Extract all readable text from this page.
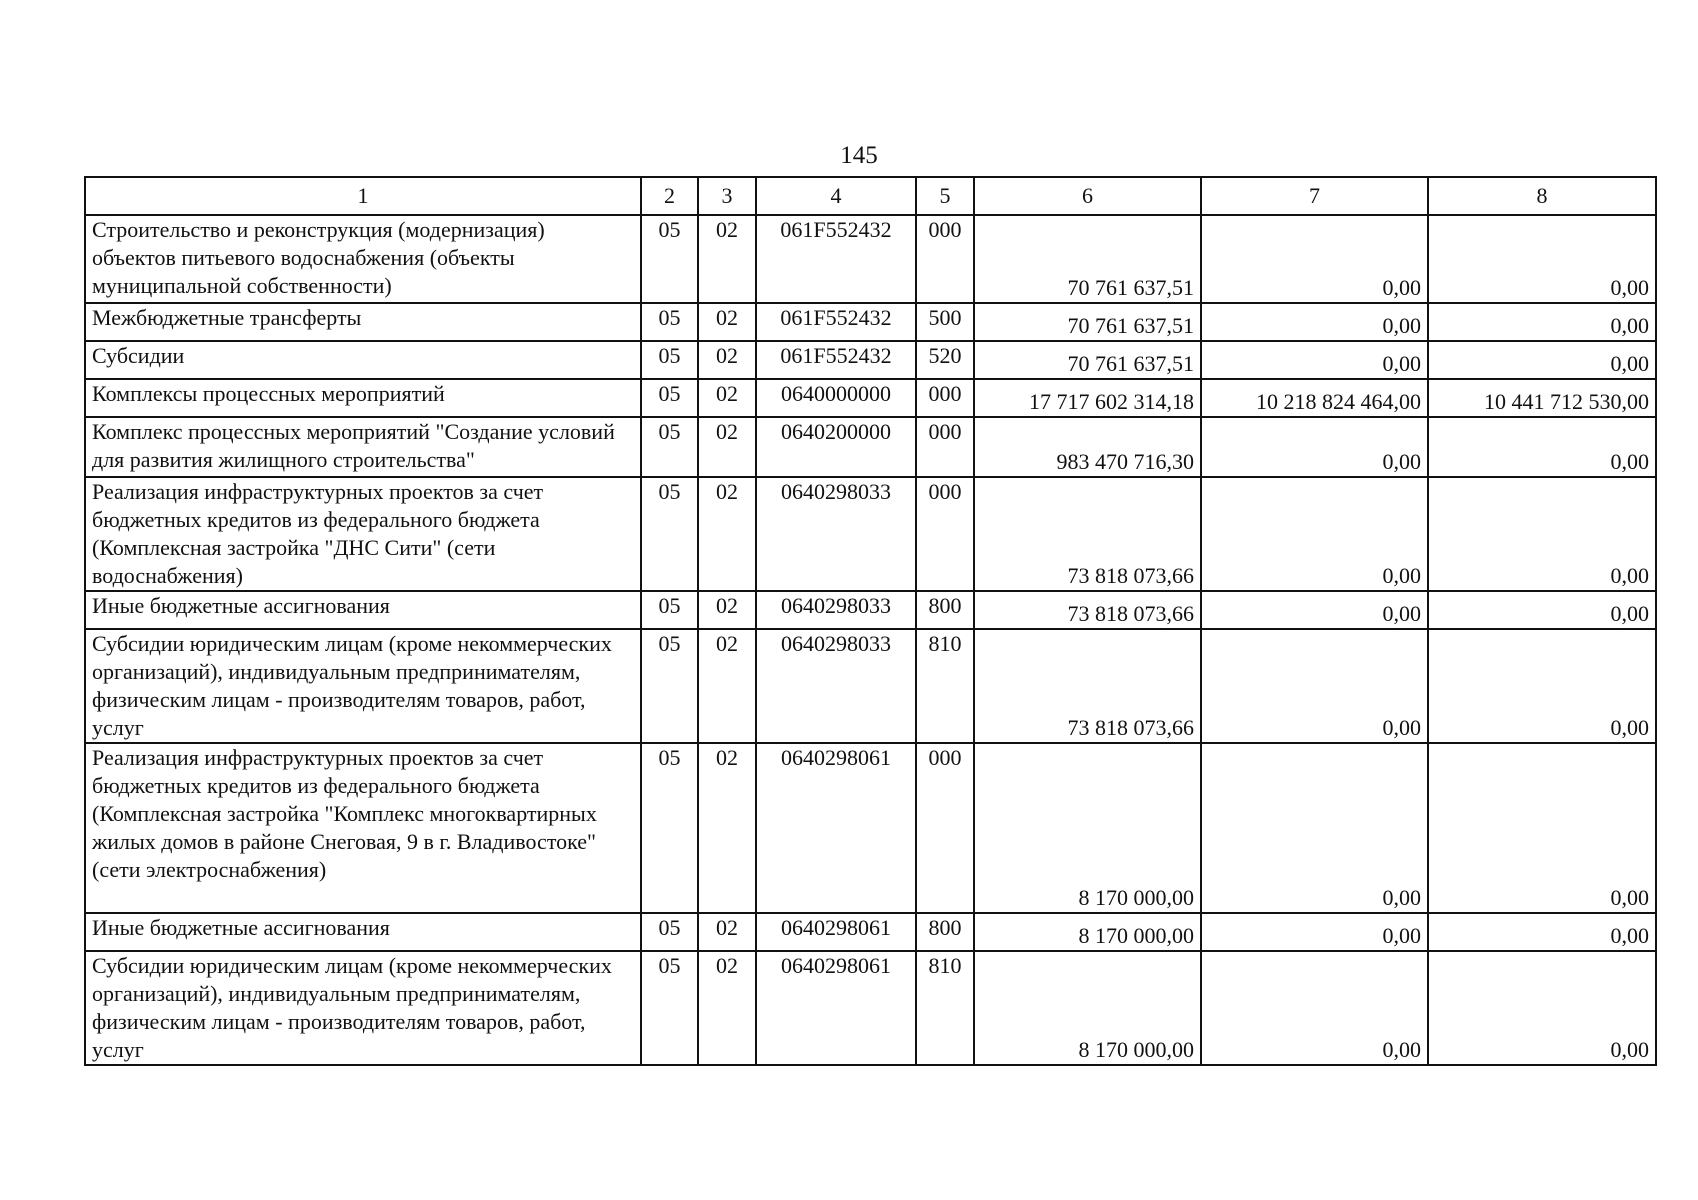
145
1	2	3	4	5	6	7	8
Строительство и реконструкция (модернизация) объектов питьевого водоснабжения (объекты муниципальной собственности)	05	02	061F552432	000	70 761 637,51	0,00	0,00
Межбюджетные трансферты	05	02	061F552432	500	70 761 637,51	0,00	0,00
Субсидии	05	02	061F552432	520	70 761 637,51	0,00	0,00
Комплексы процессных мероприятий	05	02	0640000000	000	17 717 602 314,18	10 218 824 464,00	10 441 712 530,00
Комплекс процессных мероприятий "Создание условий для развития жилищного строительства"	05	02	0640200000	000	983 470 716,30	0,00	0,00
Реализация инфраструктурных проектов за счет бюджетных кредитов из федерального бюджета (Комплексная застройка "ДНС Сити" (сети водоснабжения)	05	02	0640298033	000	73 818 073,66	0,00	0,00
Иные бюджетные ассигнования	05	02	0640298033	800	73 818 073,66	0,00	0,00
Субсидии юридическим лицам (кроме некоммерческих организаций), индивидуальным предпринимателям, физическим лицам - производителям товаров, работ, услуг	05	02	0640298033	810	73 818 073,66	0,00	0,00
Реализация инфраструктурных проектов за счет бюджетных кредитов из федерального бюджета (Комплексная застройка "Комплекс многоквартирных жилых домов в районе Снеговая, 9 в г. Владивостоке" (сети электроснабжения)	05	02	0640298061	000	8 170 000,00	0,00	0,00
Иные бюджетные ассигнования	05	02	0640298061	800	8 170 000,00	0,00	0,00
Субсидии юридическим лицам (кроме некоммерческих организаций), индивидуальным предпринимателям, физическим лицам - производителям товаров, работ, услуг	05	02	0640298061	810	8 170 000,00	0,00	0,00
